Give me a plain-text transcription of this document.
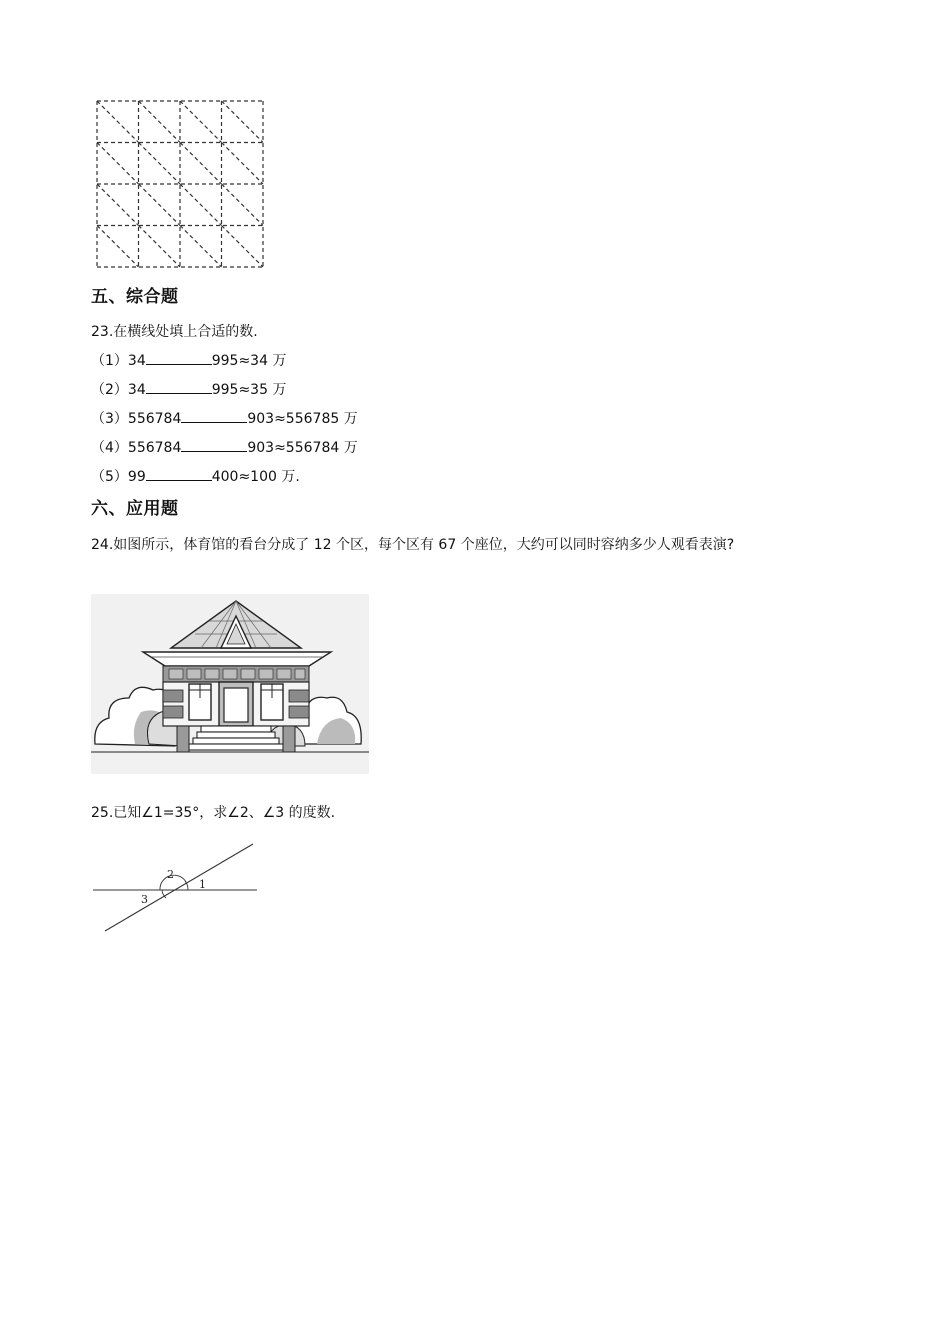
五、综合题
23.在横线处填上合适的数.
（1）34	995≈34 万
（2）34	995≈35 万
（3）556784	903≈556785 万
（4）556784	903≈556784 万
（5）99	400≈100 万.
六、应用题
24.如图所示，体育馆的看台分成了 12 个区，每个区有 67 个座位，大约可以同时容纳多少人观看表演?
25.已知∠1=35°，求∠2、∠3 的度数.
1
2
3
